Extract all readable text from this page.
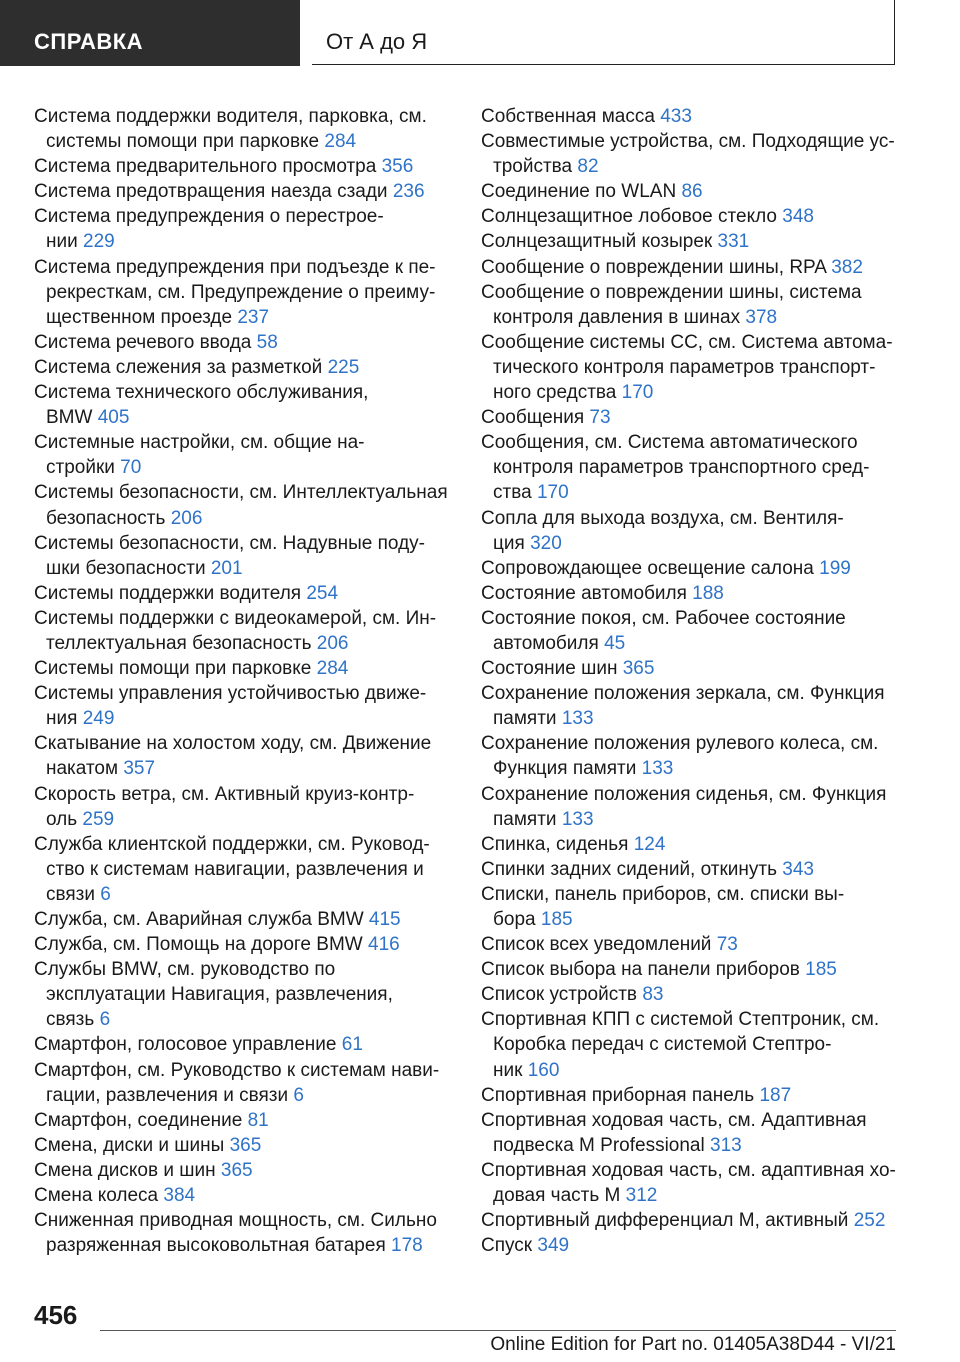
СПРАВКА	От А до Я
Система поддержки водителя, парковка, см.
системы помощи при парковке 284
Система предварительного просмотра 356
Система предотвращения наезда сзади 236
Система предупреждения о перестрое-
нии 229
Система предупреждения при подъезде к пе-
рекресткам, см. Предупреждение о преиму-
щественном проезде 237
Система речевого ввода 58
Система слежения за разметкой 225
Система технического обслуживания,
BMW 405
Системные настройки, см. общие на-
стройки 70
Системы безопасности, см. Интеллектуальная
безопасность 206
Системы безопасности, см. Надувные поду-
шки безопасности 201
Системы поддержки водителя 254
Системы поддержки с видеокамерой, см. Ин-
теллектуальная безопасность 206
Системы помощи при парковке 284
Системы управления устойчивостью движе-
ния 249
Скатывание на холостом ходу, см. Движение
накатом 357
Скорость ветра, см. Активный круиз-контр-
оль 259
Служба клиентской поддержки, см. Руковод-
ство к системам навигации, развлечения и
связи 6
Служба, см. Аварийная служба BMW 415
Служба, см. Помощь на дороге BMW 416
Службы BMW, см. руководство по
эксплуатации Навигация, развлечения,
связь 6
Смартфон, голосовое управление 61
Смартфон, см. Руководство к системам нави-
гации, развлечения и связи 6
Смартфон, соединение 81
Смена, диски и шины 365
Смена дисков и шин 365
Смена колеса 384
Сниженная приводная мощность, см. Сильно
разряженная высоковольтная батарея 178
Собственная масса 433
Совместимые устройства, см. Подходящие ус-
тройства 82
Соединение по WLAN 86
Солнцезащитное лобовое стекло 348
Солнцезащитный козырек 331
Сообщение о повреждении шины, RPA 382
Сообщение о повреждении шины, система
контроля давления в шинах 378
Сообщение системы CC, см. Система автома-
тического контроля параметров транспорт-
ного средства 170
Сообщения 73
Сообщения, см. Система автоматического
контроля параметров транспортного сред-
ства 170
Сопла для выхода воздуха, см. Вентиля-
ция 320
Сопровождающее освещение салона 199
Состояние автомобиля 188
Состояние покоя, см. Рабочее состояние
автомобиля 45
Состояние шин 365
Сохранение положения зеркала, см. Функция
памяти 133
Сохранение положения рулевого колеса, см.
Функция памяти 133
Сохранение положения сиденья, см. Функция
памяти 133
Спинка, сиденья 124
Спинки задних сидений, откинуть 343
Списки, панель приборов, см. списки вы-
бора 185
Список всех уведомлений 73
Список выбора на панели приборов 185
Список устройств 83
Спортивная КПП с системой Стептроник, см.
Коробка передач с системой Стептро-
ник 160
Спортивная приборная панель 187
Спортивная ходовая часть, см. Адаптивная
подвеска M Professional 313
Спортивная ходовая часть, см. адаптивная хо-
довая часть M 312
Спортивный дифференциал M, активный 252
Спуск 349
456
Online Edition for Part no. 01405A38D44 - VI/21
